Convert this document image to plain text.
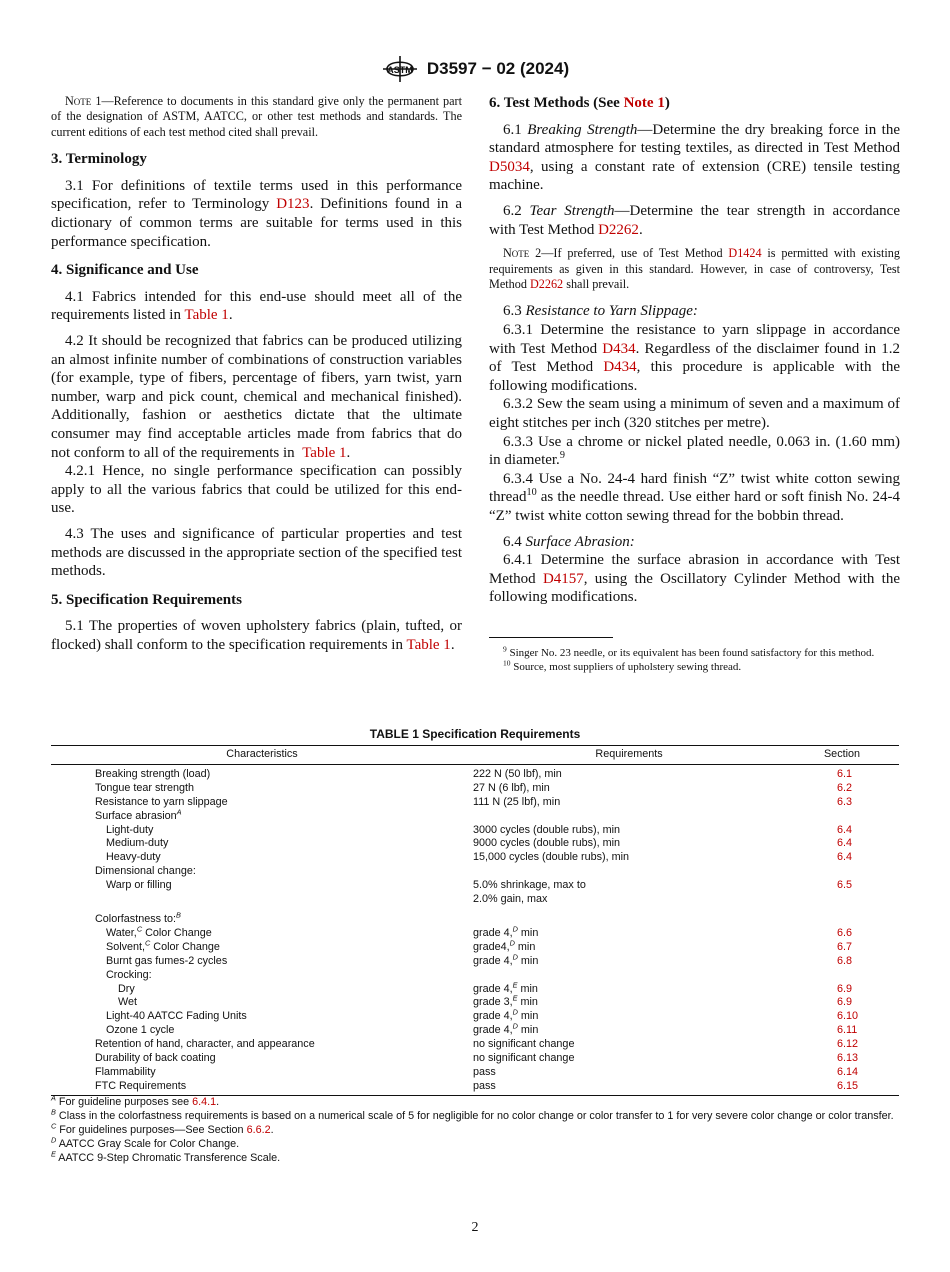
ASTM D3597 − 02 (2024)

Note 1—Reference to documents in this standard give only the permanent part of the designation of ASTM, AATCC, or other test methods and standards. The current editions of each test method cited shall prevail.

3. Terminology

3.1 For definitions of textile terms used in this performance specification, refer to Terminology D123. Definitions found in a dictionary of common terms are suitable for terms used in this performance specification.

4. Significance and Use

4.1 Fabrics intended for this end-use should meet all of the requirements listed in Table 1.

4.2 It should be recognized that fabrics can be produced utilizing an almost infinite number of combinations of construction variables (for example, type of fibers, percentage of fibers, yarn twist, yarn number, warp and pick count, chemical and mechanical finished). Additionally, fashion or aesthetics dictate that the ultimate consumer may find acceptable articles made from fabrics that do not conform to all of the requirements in  Table 1.

4.2.1 Hence, no single performance specification can possibly apply to all the various fabrics that could be utilized for this end-use.

4.3 The uses and significance of particular properties and test methods are discussed in the appropriate section of the specified test methods.

5. Specification Requirements

5.1 The properties of woven upholstery fabrics (plain, tufted, or flocked) shall conform to the specification requirements in Table 1.

6. Test Methods (See Note 1)

6.1 Breaking Strength—Determine the dry breaking force in the standard atmosphere for testing textiles, as directed in Test Method D5034, using a constant rate of extension (CRE) tensile testing machine.

6.2 Tear Strength—Determine the tear strength in accordance with Test Method D2262.

Note 2—If preferred, use of Test Method D1424 is permitted with existing requirements as given in this standard. However, in case of controversy, Test Method D2262 shall prevail.

6.3 Resistance to Yarn Slippage:

6.3.1 Determine the resistance to yarn slippage in accordance with Test Method D434. Regardless of the disclaimer found in 1.2 of Test Method D434, this procedure is applicable with the following modifications.

6.3.2 Sew the seam using a minimum of seven and a maximum of eight stitches per inch (320 stitches per metre).

6.3.3 Use a chrome or nickel plated needle, 0.063 in. (1.60 mm) in diameter.$^9$

6.3.4 Use a No. 24-4 hard finish “Z” twist white cotton sewing thread$^{10}$ as the needle thread. Use either hard or soft finish No. 24-4 “Z” twist white cotton sewing thread for the bobbin thread.

6.4 Surface Abrasion:

6.4.1 Determine the surface abrasion in accordance with Test Method D4157, using the Oscillatory Cylinder Method with the following modifications.

$^9$ Singer No. 23 needle, or its equivalent has been found satisfactory for this method.

$^{10}$ Source, most suppliers of upholstery sewing thread.

TABLE 1 Specification Requirements
Characteristics	Requirements	Section
Breaking strength (load)	222 N (50 lbf), min	6.1
Tongue tear strength	27 N (6 lbf), min	6.2
Resistance to yarn slippage	111 N (25 lbf), min	6.3
Surface abrasion$^A$		
Light-duty	3000 cycles (double rubs), min	6.4
Medium-duty	9000 cycles (double rubs), min	6.4
Heavy-duty	15,000 cycles (double rubs), min	6.4
Dimensional change:		
Warp or filling	5.0% shrinkage, max to
2.0% gain, max	6.5
Colorfastness to:$^B$		
Water,$^C$ Color Change	grade 4,$^D$ min	6.6
Solvent,$^C$ Color Change	grade4,$^D$ min	6.7
Burnt gas fumes-2 cycles	grade 4,$^D$ min	6.8
Crocking:		
Dry	grade 4,$^E$ min	6.9
Wet	grade 3,$^E$ min	6.9
Light-40 AATCC Fading Units	grade 4,$^D$ min	6.10
Ozone 1 cycle	grade 4,$^D$ min	6.11
Retention of hand, character, and appearance	no significant change	6.12
Durability of back coating	no significant change	6.13
Flammability	pass	6.14
FTC Requirements	pass	6.15

$^A$ For guideline purposes see 6.4.1.

$^B$ Class in the colorfastness requirements is based on a numerical scale of 5 for negligible for no color change or color transfer to 1 for very severe color change or color transfer.

$^C$ For guidelines purposes—See Section 6.6.2.

$^D$ AATCC Gray Scale for Color Change.

$^E$ AATCC 9-Step Chromatic Transference Scale.

2
